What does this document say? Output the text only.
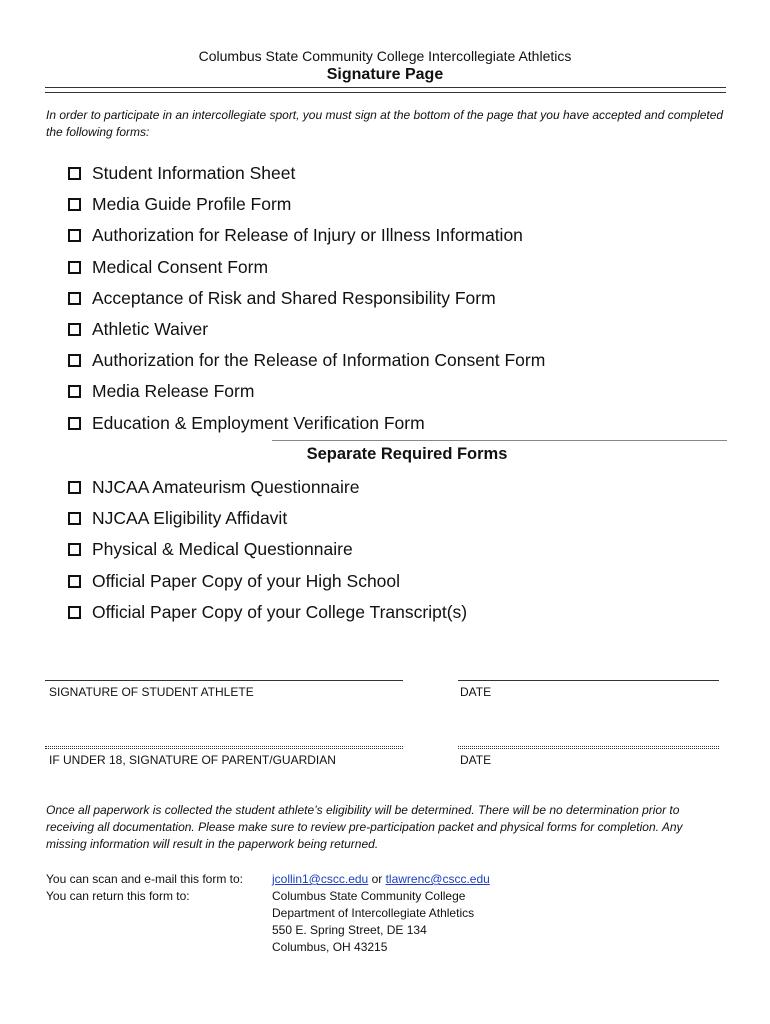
Columbus State Community College Intercollegiate Athletics
Signature Page
In order to participate in an intercollegiate sport, you must sign at the bottom of the page that you have accepted and completed the following forms:
Student Information Sheet
Media Guide Profile Form
Authorization for Release of Injury or Illness Information
Medical Consent Form
Acceptance of Risk and Shared Responsibility Form
Athletic Waiver
Authorization for the Release of Information Consent Form
Media Release Form
Education & Employment Verification Form
Separate Required Forms
NJCAA Amateurism Questionnaire
NJCAA Eligibility Affidavit
Physical & Medical Questionnaire
Official Paper Copy of your High School
Official Paper Copy of your College Transcript(s)
SIGNATURE OF STUDENT ATHLETE	DATE
IF UNDER 18, SIGNATURE OF PARENT/GUARDIAN	DATE
Once all paperwork is collected the student athlete’s eligibility will be determined. There will be no determination prior to receiving all documentation. Please make sure to review pre-participation packet and physical forms for completion. Any missing information will result in the paperwork being returned.
You can scan and e-mail this form to:
You can return this form to:
jcollin1@cscc.edu or tlawrenc@cscc.edu
Columbus State Community College
Department of Intercollegiate Athletics
550 E. Spring Street, DE 134
Columbus, OH 43215
